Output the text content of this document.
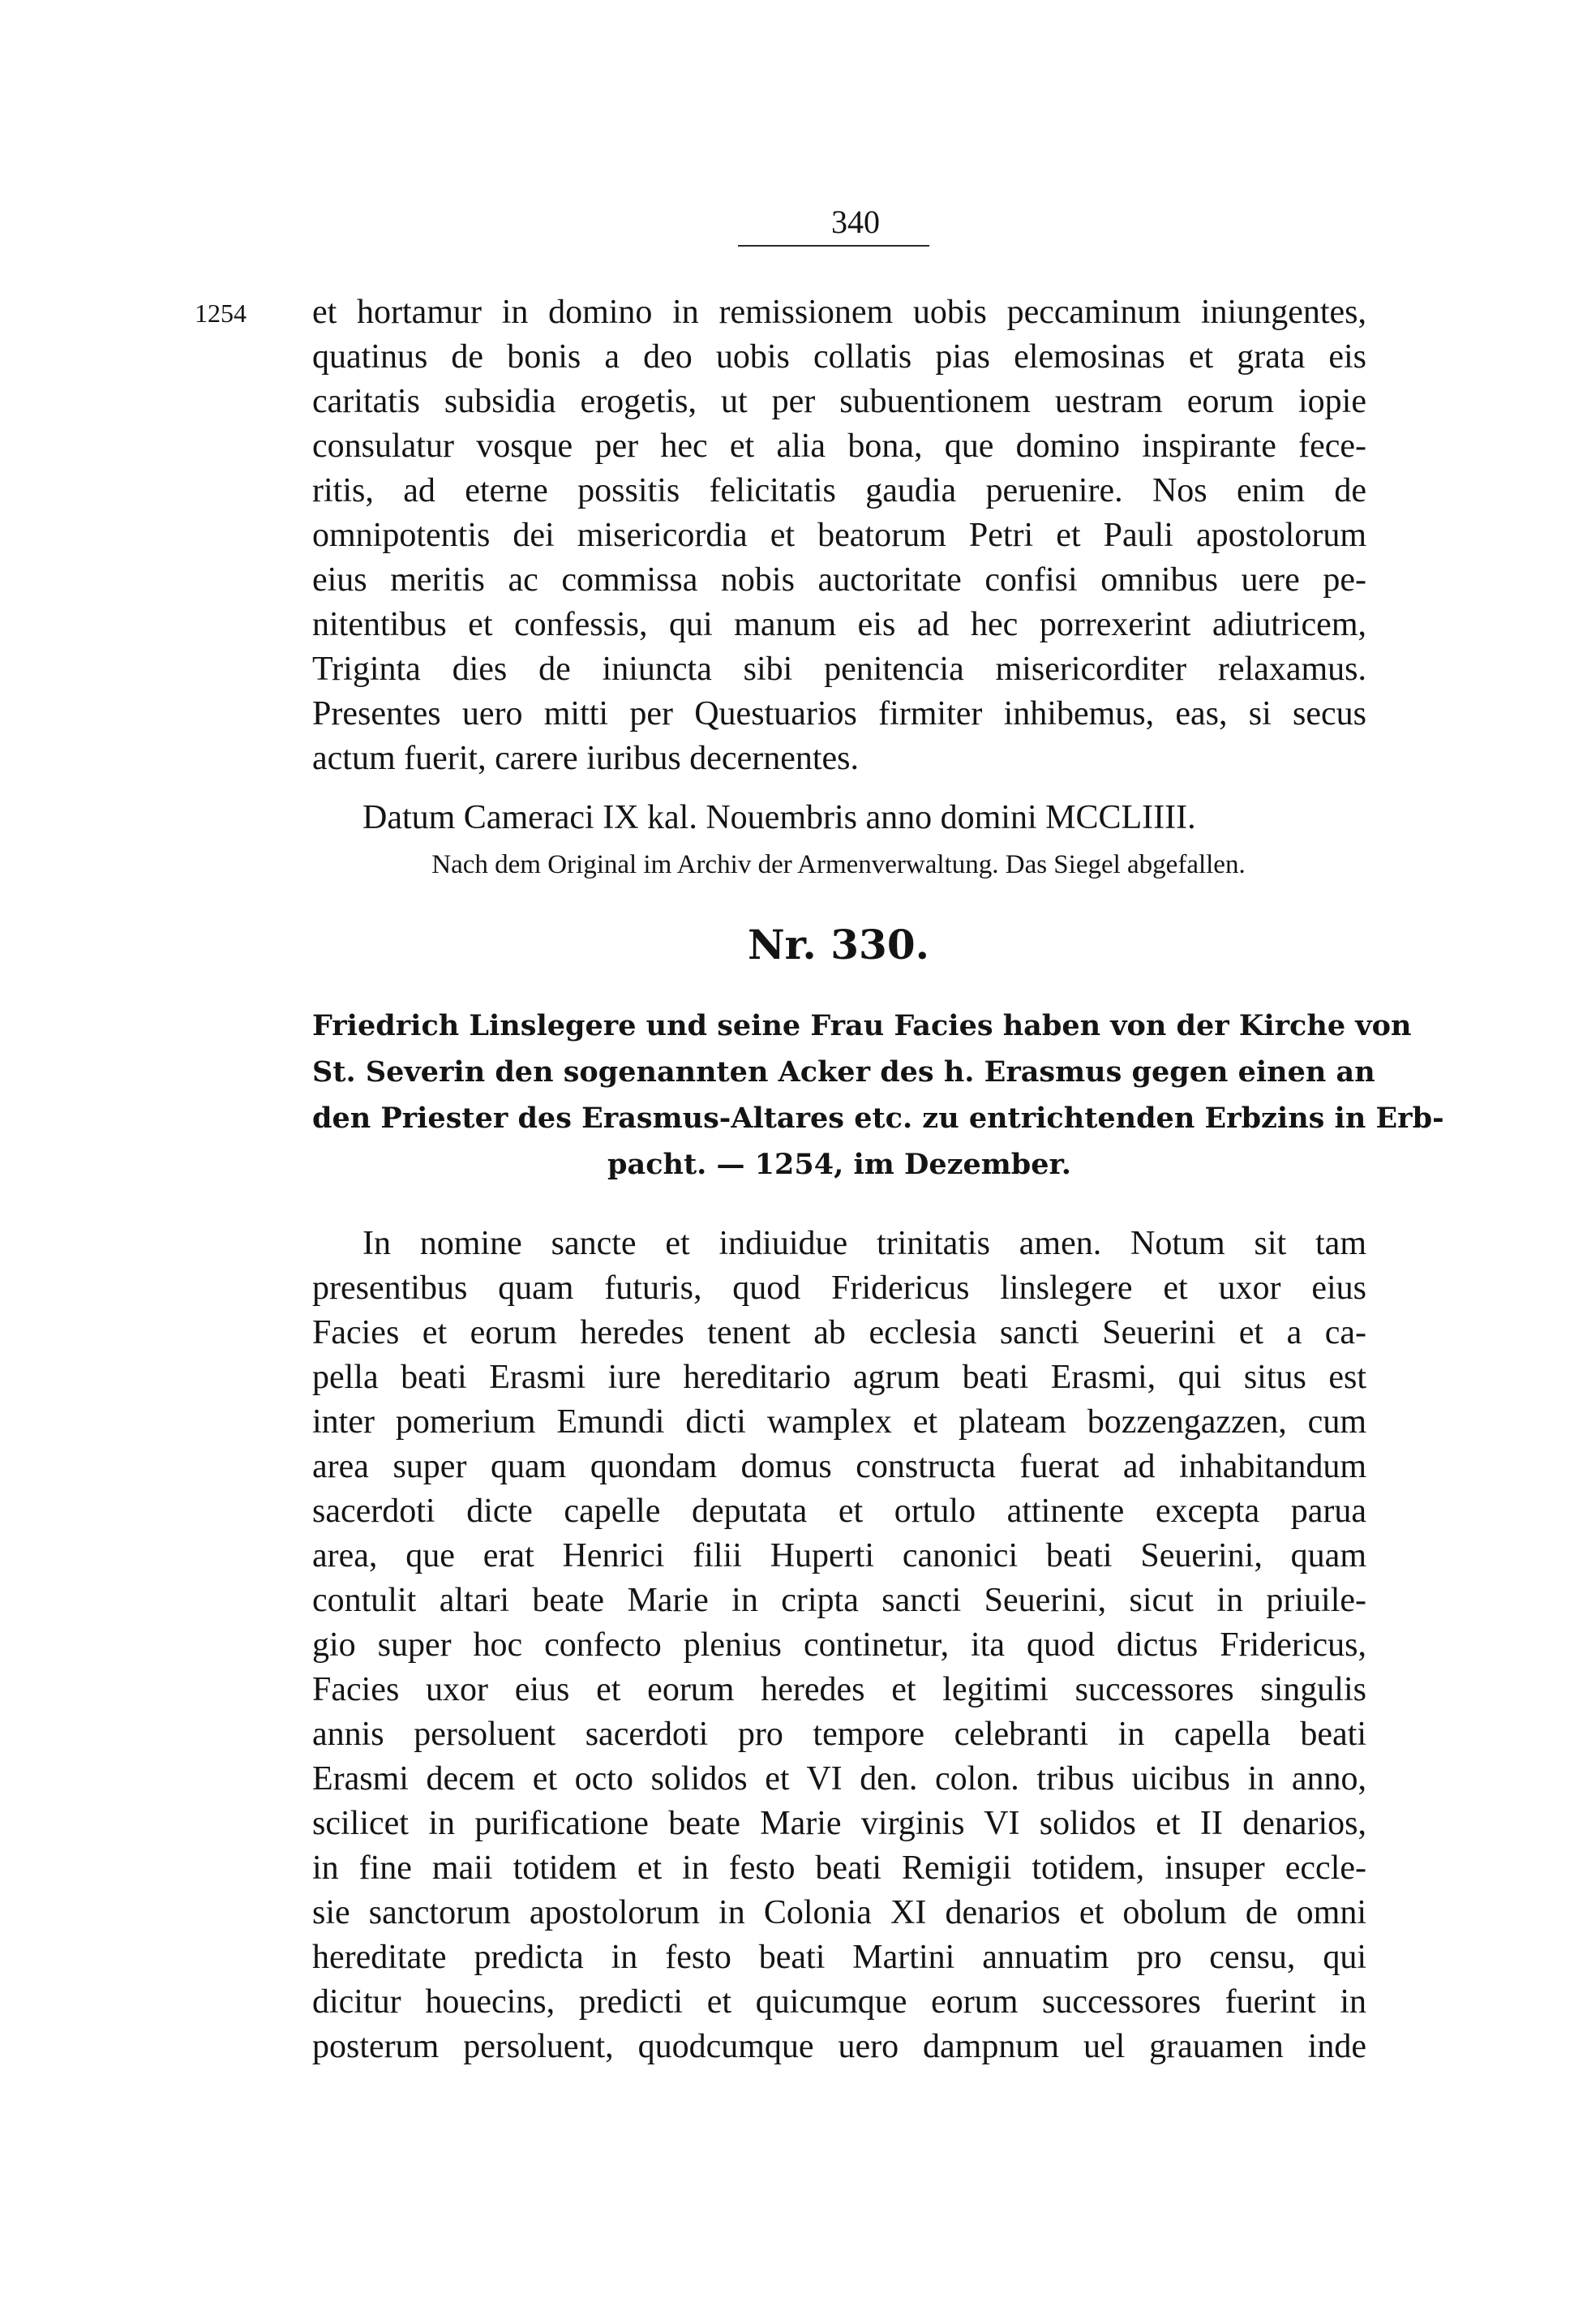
340
1254 et hortamur in domino in remissionem uobis peccaminum iniungentes,
quatinus de bonis a deo uobis collatis pias elemosinas et grata eis
caritatis subsidia erogetis, ut per subuentionem uestram eorum iopie
consulatur vosque per hec et alia bona, que domino inspirante fece-
ritis, ad eterne possitis felicitatis gaudia peruenire. Nos enim de
omnipotentis dei misericordia et beatorum Petri et Pauli apostolorum
eius meritis ac commissa nobis auctoritate confisi omnibus uere pe-
nitentibus et confessis, qui manum eis ad hec porrexerint adiutricem,
Triginta dies de iniuncta sibi penitencia misericorditer relaxamus.
Presentes uero mitti per Questuarios firmiter inhibemus, eas, si secus
actum fuerit, carere iuribus decernentes.
Datum Cameraci IX kal. Nouembris anno domini MCCLIIII.
Nach dem Original im Archiv der Armenverwaltung. Das Siegel abgefallen.
Nr. 330.
Friedrich Linslegere und seine Frau Facies haben von der Kirche von
St. Severin den sogenannten Acker des h. Erasmus gegen einen an
den Priester des Erasmus-Altares etc. zu entrichtenden Erbzins in Erb-
pacht. — 1254, im Dezember.
In nomine sancte et indiuidue trinitatis amen. Notum sit tam
presentibus quam futuris, quod Fridericus linslegere et uxor eius
Facies et eorum heredes tenent ab ecclesia sancti Seuerini et a ca-
pella beati Erasmi iure hereditario agrum beati Erasmi, qui situs est
inter pomerium Emundi dicti wamplex et plateam bozzengazzen, cum
area super quam quondam domus constructa fuerat ad inhabitandum
sacerdoti dicte capelle deputata et ortulo attinente excepta parua
area, que erat Henrici filii Huperti canonici beati Seuerini, quam
contulit altari beate Marie in cripta sancti Seuerini, sicut in priuile-
gio super hoc confecto plenius continetur, ita quod dictus Fridericus,
Facies uxor eius et eorum heredes et legitimi successores singulis
annis persoluent sacerdoti pro tempore celebranti in capella beati
Erasmi decem et octo solidos et VI den. colon. tribus uicibus in anno,
scilicet in purificatione beate Marie virginis VI solidos et II denarios,
in fine maii totidem et in festo beati Remigii totidem, insuper eccle-
sie sanctorum apostolorum in Colonia XI denarios et obolum de omni
hereditate predicta in festo beati Martini annuatim pro censu, qui
dicitur houecins, predicti et quicumque eorum successores fuerint in
posterum persoluent, quodcumque uero dampnum uel grauamen inde
